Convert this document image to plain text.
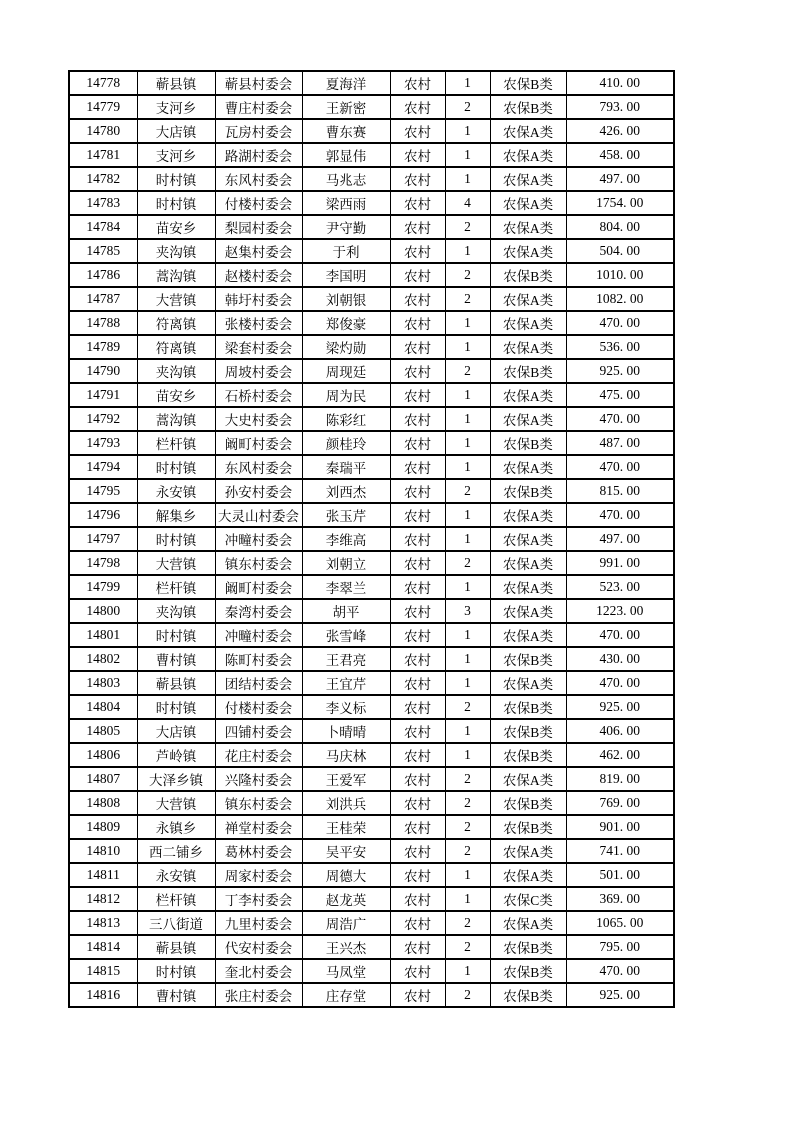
14778	蕲县镇	蕲县村委会	夏海洋	农村	1	农保B类	410. 00
14779	支河乡	曹庄村委会	王新密	农村	2	农保B类	793. 00
14780	大店镇	瓦房村委会	曹东赛	农村	1	农保A类	426. 00
14781	支河乡	路湖村委会	郭显伟	农村	1	农保A类	458. 00
14782	时村镇	东风村委会	马兆志	农村	1	农保A类	497. 00
14783	时村镇	付楼村委会	梁西雨	农村	4	农保A类	1754. 00
14784	苗安乡	梨园村委会	尹守勤	农村	2	农保A类	804. 00
14785	夹沟镇	赵集村委会	于利	农村	1	农保A类	504. 00
14786	蒿沟镇	赵楼村委会	李国明	农村	2	农保B类	1010. 00
14787	大营镇	韩圩村委会	刘朝银	农村	2	农保A类	1082. 00
14788	符离镇	张楼村委会	郑俊豪	农村	1	农保A类	470. 00
14789	符离镇	梁套村委会	梁灼勋	农村	1	农保A类	536. 00
14790	夹沟镇	周坡村委会	周现廷	农村	2	农保B类	925. 00
14791	苗安乡	石桥村委会	周为民	农村	1	农保A类	475. 00
14792	蒿沟镇	大史村委会	陈彩红	农村	1	农保A类	470. 00
14793	栏杆镇	阚町村委会	颜桂玲	农村	1	农保B类	487. 00
14794	时村镇	东风村委会	秦瑞平	农村	1	农保A类	470. 00
14795	永安镇	孙安村委会	刘西杰	农村	2	农保B类	815. 00
14796	解集乡	大灵山村委会	张玉芹	农村	1	农保A类	470. 00
14797	时村镇	冲疃村委会	李维高	农村	1	农保A类	497. 00
14798	大营镇	镇东村委会	刘朝立	农村	2	农保A类	991. 00
14799	栏杆镇	阚町村委会	李翠兰	农村	1	农保A类	523. 00
14800	夹沟镇	秦湾村委会	胡平	农村	3	农保A类	1223. 00
14801	时村镇	冲疃村委会	张雪峰	农村	1	农保A类	470. 00
14802	曹村镇	陈町村委会	王君亮	农村	1	农保B类	430. 00
14803	蕲县镇	团结村委会	王宜芹	农村	1	农保A类	470. 00
14804	时村镇	付楼村委会	李义标	农村	2	农保B类	925. 00
14805	大店镇	四铺村委会	卜晴晴	农村	1	农保B类	406. 00
14806	芦岭镇	花庄村委会	马庆林	农村	1	农保B类	462. 00
14807	大泽乡镇	兴隆村委会	王爱军	农村	2	农保A类	819. 00
14808	大营镇	镇东村委会	刘洪兵	农村	2	农保B类	769. 00
14809	永镇乡	禅堂村委会	王桂荣	农村	2	农保B类	901. 00
14810	西二铺乡	葛林村委会	吴平安	农村	2	农保A类	741. 00
14811	永安镇	周家村委会	周德大	农村	1	农保A类	501. 00
14812	栏杆镇	丁李村委会	赵龙英	农村	1	农保C类	369. 00
14813	三八街道	九里村委会	周浩广	农村	2	农保A类	1065. 00
14814	蕲县镇	代安村委会	王兴杰	农村	2	农保B类	795. 00
14815	时村镇	奎北村委会	马凤堂	农村	1	农保B类	470. 00
14816	曹村镇	张庄村委会	庄存堂	农村	2	农保B类	925. 00
